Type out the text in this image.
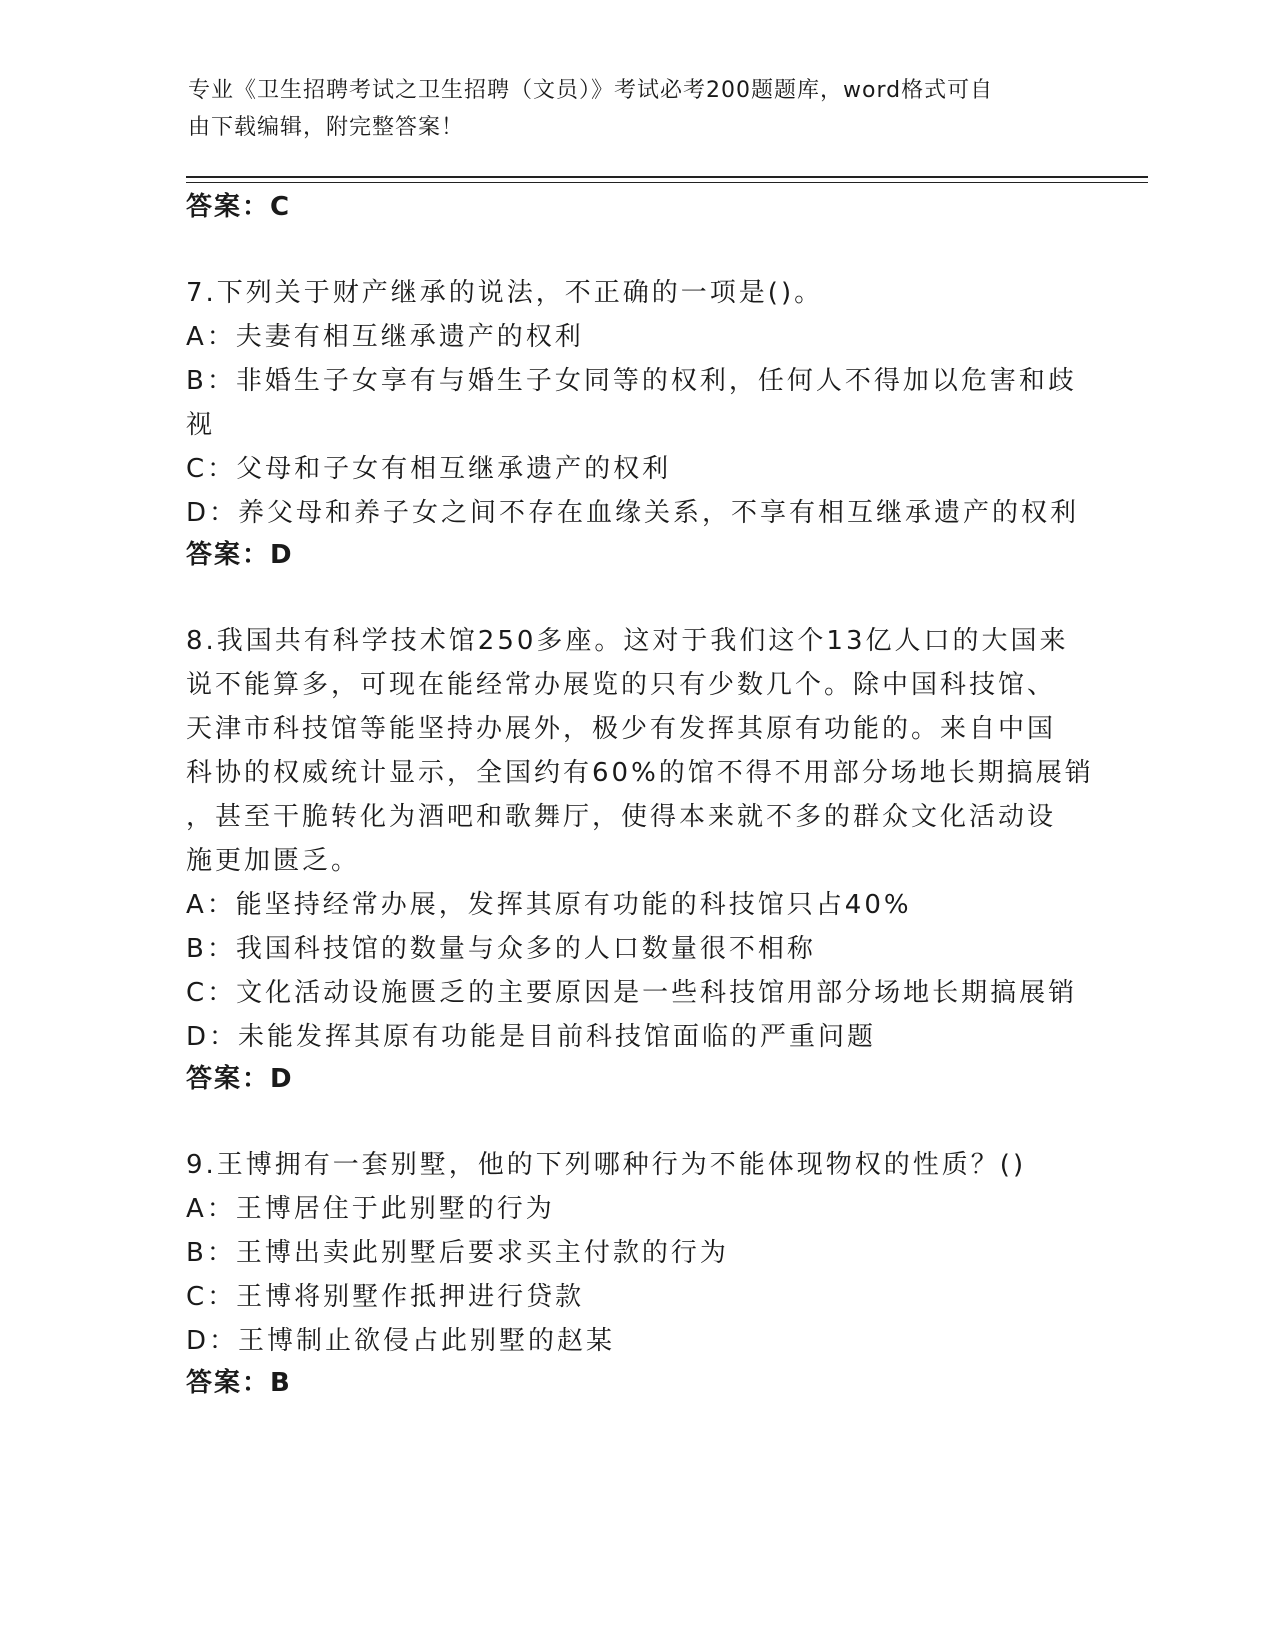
专业《卫生招聘考试之卫生招聘（文员）》考试必考200题题库，word格式可自
由下载编辑，附完整答案！
答案：C
7.下列关于财产继承的说法，不正确的一项是()。
A：夫妻有相互继承遗产的权利
B：非婚生子女享有与婚生子女同等的权利，任何人不得加以危害和歧
视
C：父母和子女有相互继承遗产的权利
D：养父母和养子女之间不存在血缘关系，不享有相互继承遗产的权利
答案：D
8.我国共有科学技术馆250多座。这对于我们这个13亿人口的大国来
说不能算多，可现在能经常办展览的只有少数几个。除中国科技馆、
天津市科技馆等能坚持办展外，极少有发挥其原有功能的。来自中国
科协的权威统计显示，全国约有60%的馆不得不用部分场地长期搞展销
，甚至干脆转化为酒吧和歌舞厅，使得本来就不多的群众文化活动设
施更加匮乏。
A：能坚持经常办展，发挥其原有功能的科技馆只占40%
B：我国科技馆的数量与众多的人口数量很不相称
C：文化活动设施匮乏的主要原因是一些科技馆用部分场地长期搞展销
D：未能发挥其原有功能是目前科技馆面临的严重问题
答案：D
9.王博拥有一套别墅，他的下列哪种行为不能体现物权的性质？()
A：王博居住于此别墅的行为
B：王博出卖此别墅后要求买主付款的行为
C：王博将别墅作抵押进行贷款
D：王博制止欲侵占此别墅的赵某
答案：B
